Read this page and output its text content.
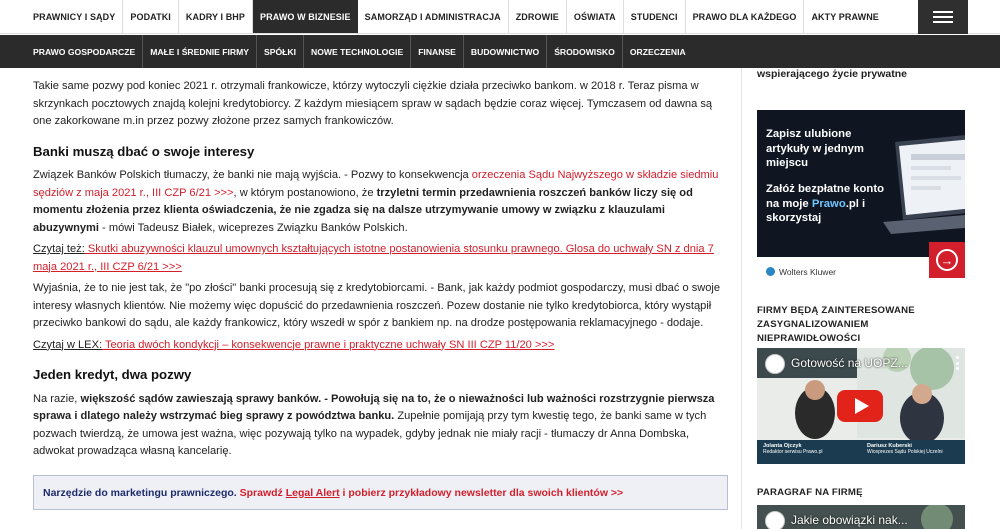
PRAWNICY I SĄDY	PODATKI	KADRY I BHP	PRAWO W BIZNESIE	SAMORZĄD I ADMINISTRACJA	ZDROWIE	OŚWIATA	STUDENCI	PRAWO DLA KAŻDEGO	AKTY PRAWNE
PRAWO GOSPODARCZE	MAŁE I ŚREDNIE FIRMY	SPÓŁKI	NOWE TECHNOLOGIE	FINANSE	BUDOWNICTWO	ŚRODOWISKO	ORZECZENIA

Takie same pozwy pod koniec 2021 r. otrzymali frankowicze, którzy wytoczyli ciężkie działa przeciwko bankom. w 2018 r. Teraz pisma w skrzynkach pocztowych znajdą kolejni kredytobiorcy. Z każdym miesiącem spraw w sądach będzie coraz więcej. Tymczasem od dawna są one zakorkowane m.in przez pozwy złożone przez samych frankowiczów.

Banki muszą dbać o swoje interesy

Związek Banków Polskich tłumaczy, że banki nie mają wyjścia. - Pozwy to konsekwencja orzeczenia Sądu Najwyższego w składzie siedmiu sędziów z maja 2021 r., III CZP 6/21 >>>, w którym postanowiono, że trzyletni termin przedawnienia roszczeń banków liczy się od momentu złożenia przez klienta oświadczenia, że nie zgadza się na dalsze utrzymywanie umowy w związku z klauzulami abuzywnymi - mówi Tadeusz Białek, wiceprezes Związku Banków Polskich.

Czytaj też: Skutki abuzywności klauzul umownych kształtujących istotne postanowienia stosunku prawnego. Glosa do uchwały SN z dnia 7 maja 2021 r., III CZP 6/21 >>>

Wyjaśnia, że to nie jest tak, że "po złości" banki procesują się z kredytobiorcami. - Bank, jak każdy podmiot gospodarczy, musi dbać o swoje interesy własnych klientów. Nie możemy więc dopuścić do przedawnienia roszczeń. Pozew dostanie nie tylko kredytobiorca, który wystąpił przeciwko bankowi do sądu, ale każdy frankowicz, który wszedł w spór z bankiem np. na drodze postępowania reklamacyjnego - dodaje.

Czytaj w LEX: Teoria dwóch kondykcji – konsekwencje prawne i praktyczne uchwały SN III CZP 11/20 >>>

Jeden kredyt, dwa pozwy

Na razie, większość sądów zawieszają sprawy banków. - Powołują się na to, że o nieważności lub ważności rozstrzygnie pierwsza sprawa i dlatego należy wstrzymać bieg sprawy z powództwa banku. Zupełnie pomijają przy tym kwestię tego, że banki same w tych pozwach twierdzą, że umowa jest ważna, więc pozywają tylko na wypadek, gdyby jednak nie miały racji - tłumaczy dr Anna Dombska, adwokat prowadząca własną kancelarię.

Narzędzie do marketingu prawniczego. Sprawdź Legal Alert i pobierz przykładowy newsletter dla swoich klientów >>
wspierającego życie prywatne
Zapisz ulubione artykuły w jednym miejscu
Załóż bezpłatne konto na moje Prawo.pl i skorzystaj
Wolters Kluwer
→
FIRMY BĘDĄ ZAINTERESOWANE ZASYGNALIZOWANIEM NIEPRAWIDŁOWOŚCI
Gotowość na UOPZ...
Jolanta Ojczyk
Redaktor serwisu Prawo.pl
Dariusz Kuberski
Wiceprezes Sądu Polskiej Uczelni
PARAGRAF NA FIRMĘ
Jakie obowiązki nak...
